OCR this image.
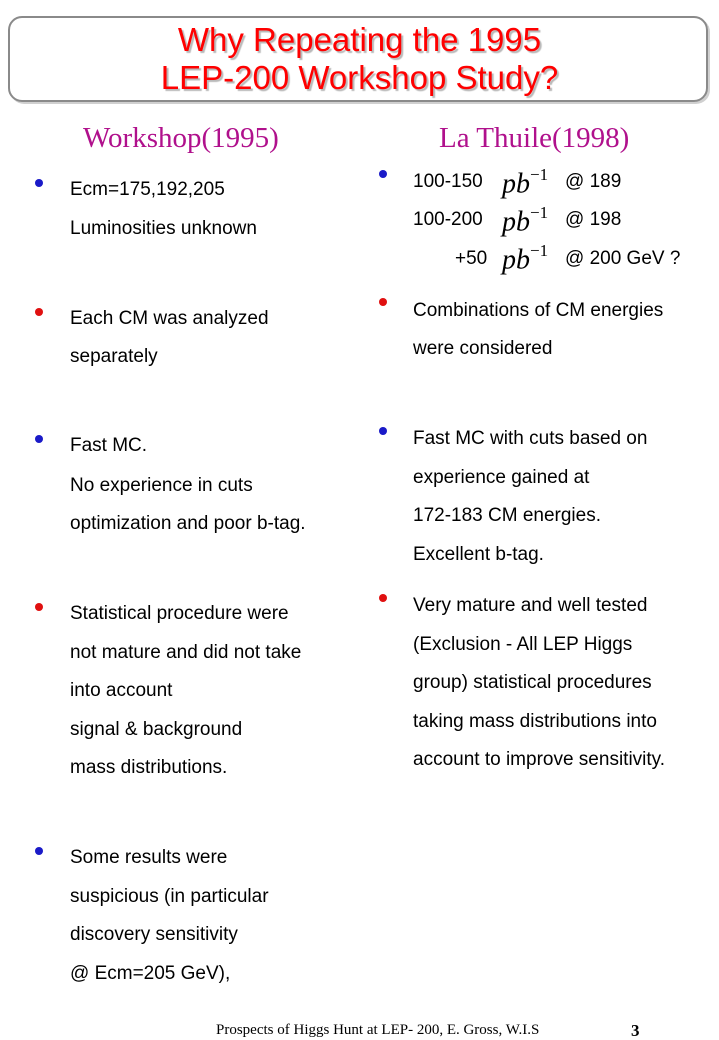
Why Repeating the 1995
LEP-200 Workshop Study?
Workshop(1995)	La Thuile(1998)
Ecm=175,192,205
Luminosities unknown
Each CM was analyzed
separately
Fast MC.
No experience in cuts
optimization and poor b-tag.
Statistical procedure were
not mature and did not take
into account
signal & background
mass distributions.
Some results were
suspicious (in particular
discovery sensitivity
@ Ecm=205 GeV),
100-150 $pb^{-1}$ @ 189
100-200 $pb^{-1}$ @ 198
+50 $pb^{-1}$ @ 200 GeV ?
Combinations of CM energies
were considered
Fast MC with cuts based on
experience gained at
172-183 CM energies.
Excellent b-tag.
Very mature and well tested
(Exclusion - All LEP Higgs
group) statistical procedures
taking mass distributions into
account to improve sensitivity.
Prospects of Higgs Hunt at LEP- 200, E. Gross, W.I.S	3
